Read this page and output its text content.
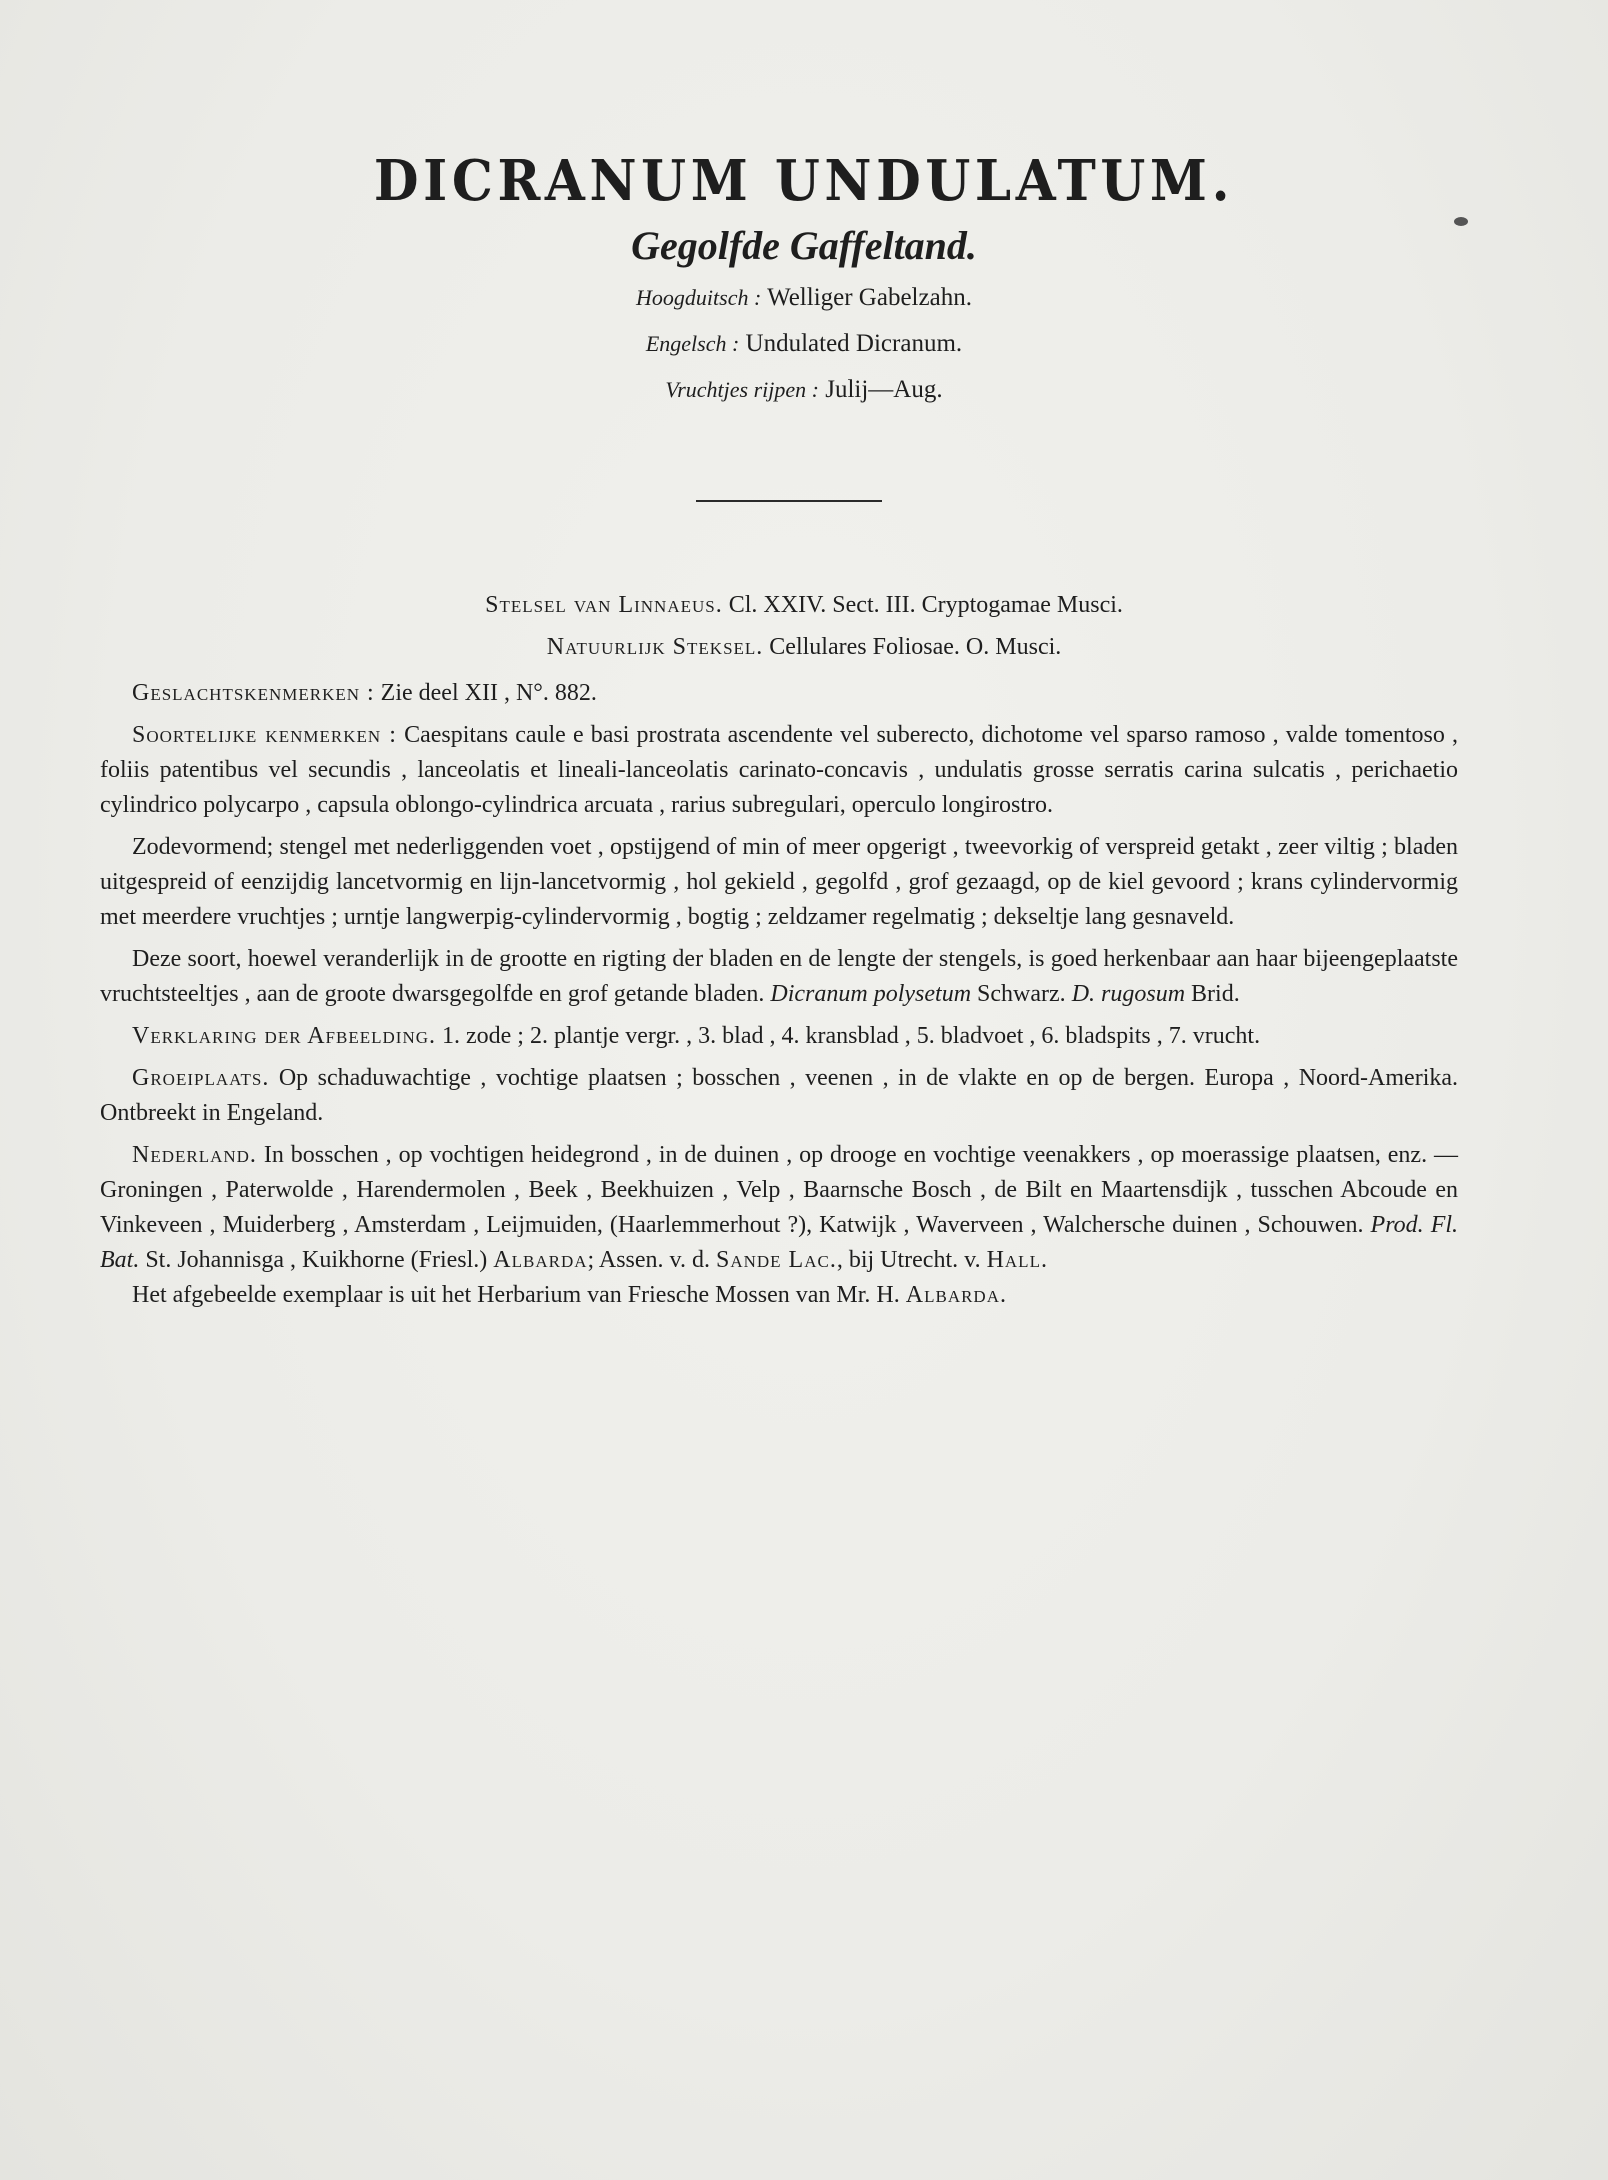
DICRANUM UNDULATUM.
Gegolfde Gaffeltand.
Hoogduitsch : Welliger Gabelzahn.
Engelsch : Undulated Dicranum.
Vruchtjes rijpen : Julij—Aug.
Stelsel van Linnaeus. Cl. XXIV. Sect. III. Cryptogamae Musci.
Natuurlijk Steksel. Cellulares Foliosae. O. Musci.

Geslachtskenmerken : Zie deel XII , N°. 882.

Soortelijke kenmerken : Caespitans caule e basi prostrata ascendente vel suberecto, dichotome vel sparso ramoso , valde tomentoso , foliis patentibus vel secundis , lanceolatis et lineali-lanceolatis carinato-concavis , undulatis grosse serratis carina sulcatis , perichaetio cylindrico polycarpo , capsula oblongo-cylindrica arcuata , rarius subregulari, operculo longirostro.

Zodevormend; stengel met nederliggenden voet , opstijgend of min of meer opgerigt , tweevorkig of verspreid getakt , zeer viltig ; bladen uitgespreid of eenzijdig lancetvormig en lijn-lancetvormig , hol gekield , gegolfd , grof gezaagd, op de kiel gevoord ; krans cylindervormig met meerdere vruchtjes ; urntje langwerpig-cylindervormig , bogtig ; zeldzamer regelmatig ; dekseltje lang gesnaveld.

Deze soort, hoewel veranderlijk in de grootte en rigting der bladen en de lengte der stengels, is goed herkenbaar aan haar bijeengeplaatste vruchtsteeltjes , aan de groote dwarsgegolfde en grof getande bladen. Dicranum polysetum Schwarz. D. rugosum Brid.

Verklaring der Afbeelding. 1. zode ; 2. plantje vergr. , 3. blad , 4. kransblad , 5. bladvoet , 6. bladspits , 7. vrucht.

Groeiplaats. Op schaduwachtige , vochtige plaatsen ; bosschen , veenen , in de vlakte en op de bergen. Europa , Noord-Amerika. Ontbreekt in Engeland.

Nederland. In bosschen , op vochtigen heidegrond , in de duinen , op drooge en vochtige veenakkers , op moerassige plaatsen, enz. — Groningen , Paterwolde , Harendermolen , Beek , Beekhuizen , Velp , Baarnsche Bosch , de Bilt en Maartensdijk , tusschen Abcoude en Vinkeveen , Muiderberg , Amsterdam , Leijmuiden, (Haarlemmerhout ?), Katwijk , Waverveen , Walchersche duinen , Schouwen. Prod. Fl. Bat. St. Johannisga , Kuikhorne (Friesl.) Albarda; Assen. v. d. Sande Lac., bij Utrecht. v. Hall.

Het afgebeelde exemplaar is uit het Herbarium van Friesche Mossen van Mr. H. Albarda.
